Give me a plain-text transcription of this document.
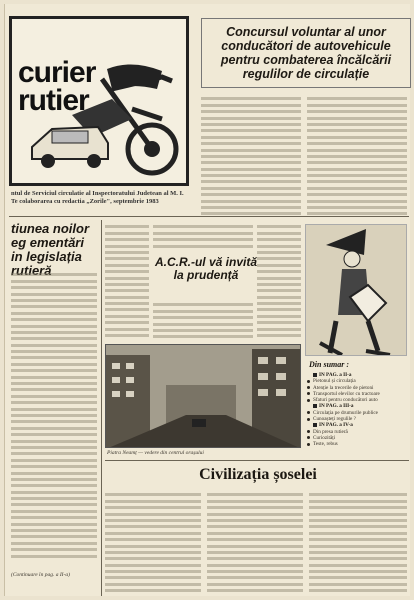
curier
rutier
ntul de Serviciul circulatie al Inspectoratului Judetean al M. I. Te colaborarea cu redactia „Zorile", septembrie 1983
Concursul voluntar al unor conducători de autovehicule pentru combaterea încălcării regulilor de circulație
tiunea noilor eg ementări in legislația rutieră
(Continuare în pag. a II-a)
A.C.R.-ul vă invită la prudență
Piatra Neamț — vedere din centrul orașului
Din sumar :
IN PAG. a II-a
Pietonul și circulația
Atenție la trecerile de pietoni
Transportul elevilor cu tractoare
Sfaturi pentru conducători auto
IN PAG. a III-a
Circulația pe drumurile publice
Cunoașteți regulile ?
IN PAG. a IV-a
Din presa rutieră
Curiozități
Teste, rebus
Civilizația șoselei
